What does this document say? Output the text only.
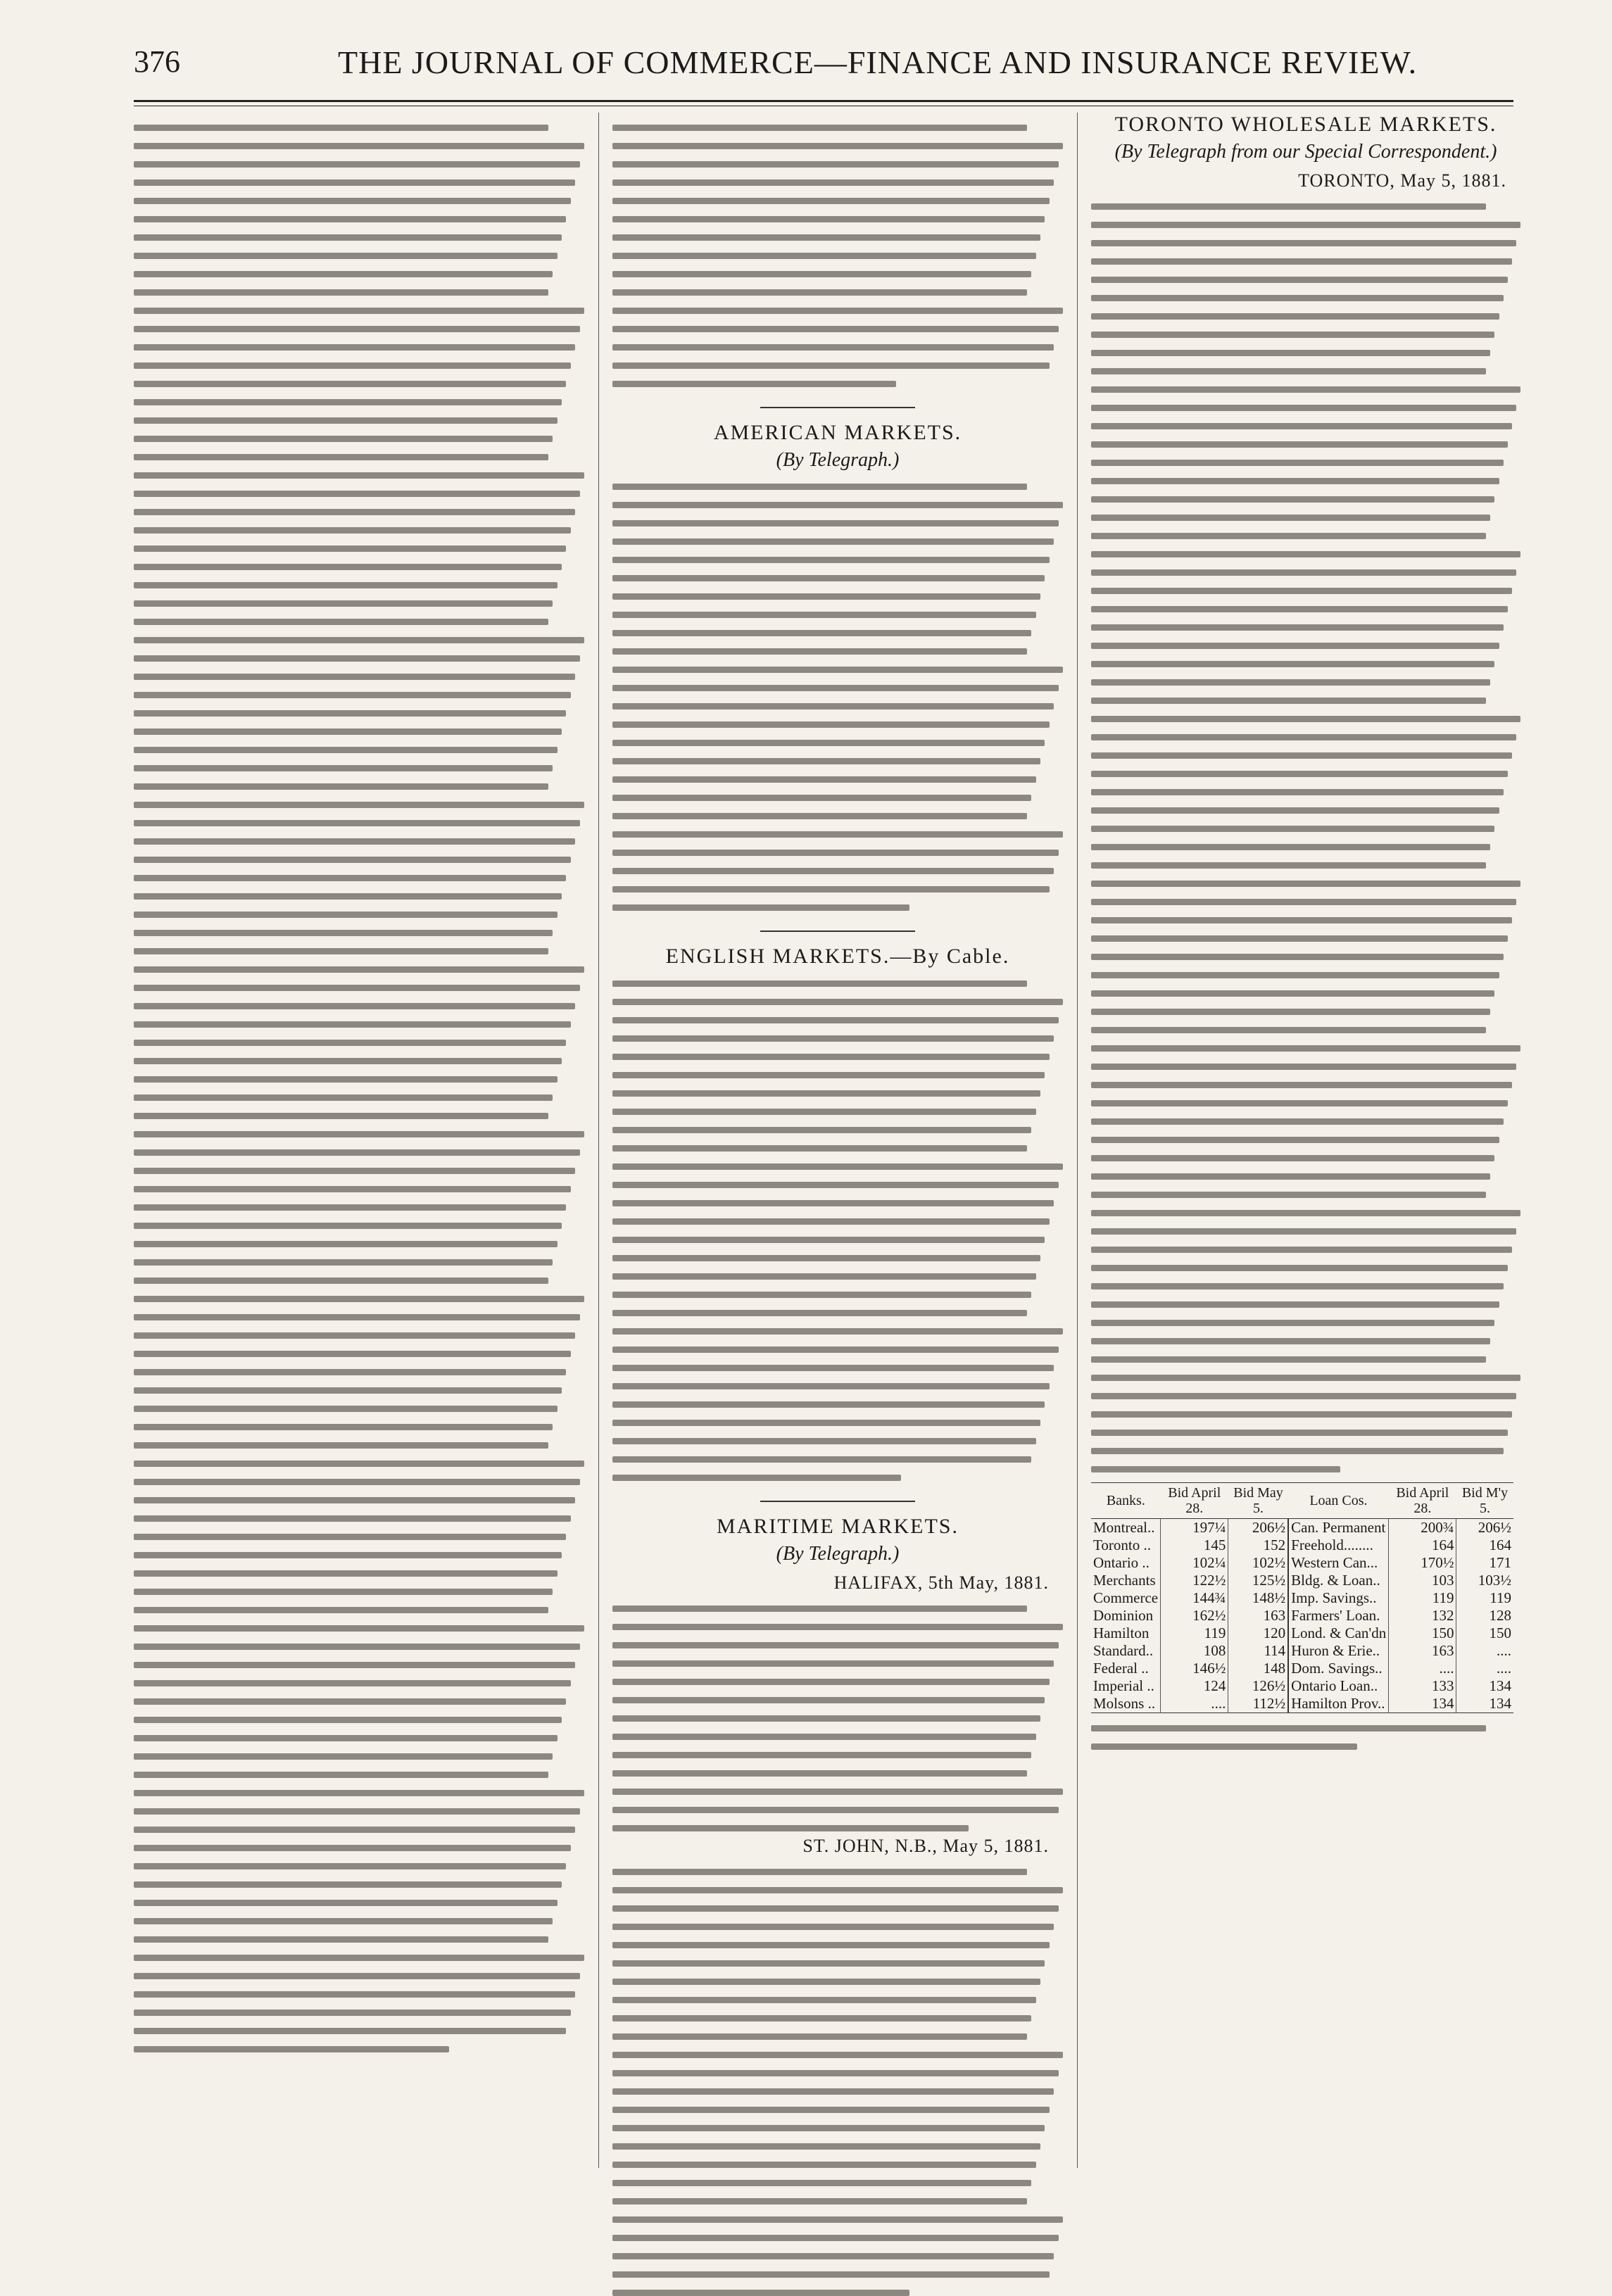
376	THE JOURNAL OF COMMERCE—FINANCE AND INSURANCE REVIEW.
AMERICAN MARKETS.
(By Telegraph.)
ENGLISH MARKETS.—By Cable.
MARITIME MARKETS.
(By Telegraph.)
HALIFAX, 5th May, 1881.
ST. JOHN, N.B., May 5, 1881.
TORONTO WHOLESALE MARKETS.
(By Telegraph from our Special Correspondent.)
TORONTO, May 5, 1881.
Banks.	Bid April 28.	Bid May 5.	Loan Cos.	Bid April 28.	Bid M'y 5.
Montreal..	197¼	206½	Can. Permanent	200¾	206½
Toronto ..	145	152	Freehold........	164	164
Ontario ..	102¼	102½	Western Can...	170½	171
Merchants	122½	125½	Bldg. & Loan..	103	103½
Commerce	144¾	148½	Imp. Savings..	119	119
Dominion	162½	163	Farmers' Loan.	132	128
Hamilton	119	120	Lond. & Can'dn	150	150
Standard..	108	114	Huron & Erie..	163	....
Federal ..	146½	148	Dom. Savings..	....	....
Imperial ..	124	126½	Ontario Loan..	133	134
Molsons ..	....	112½	Hamilton Prov..	134	134
